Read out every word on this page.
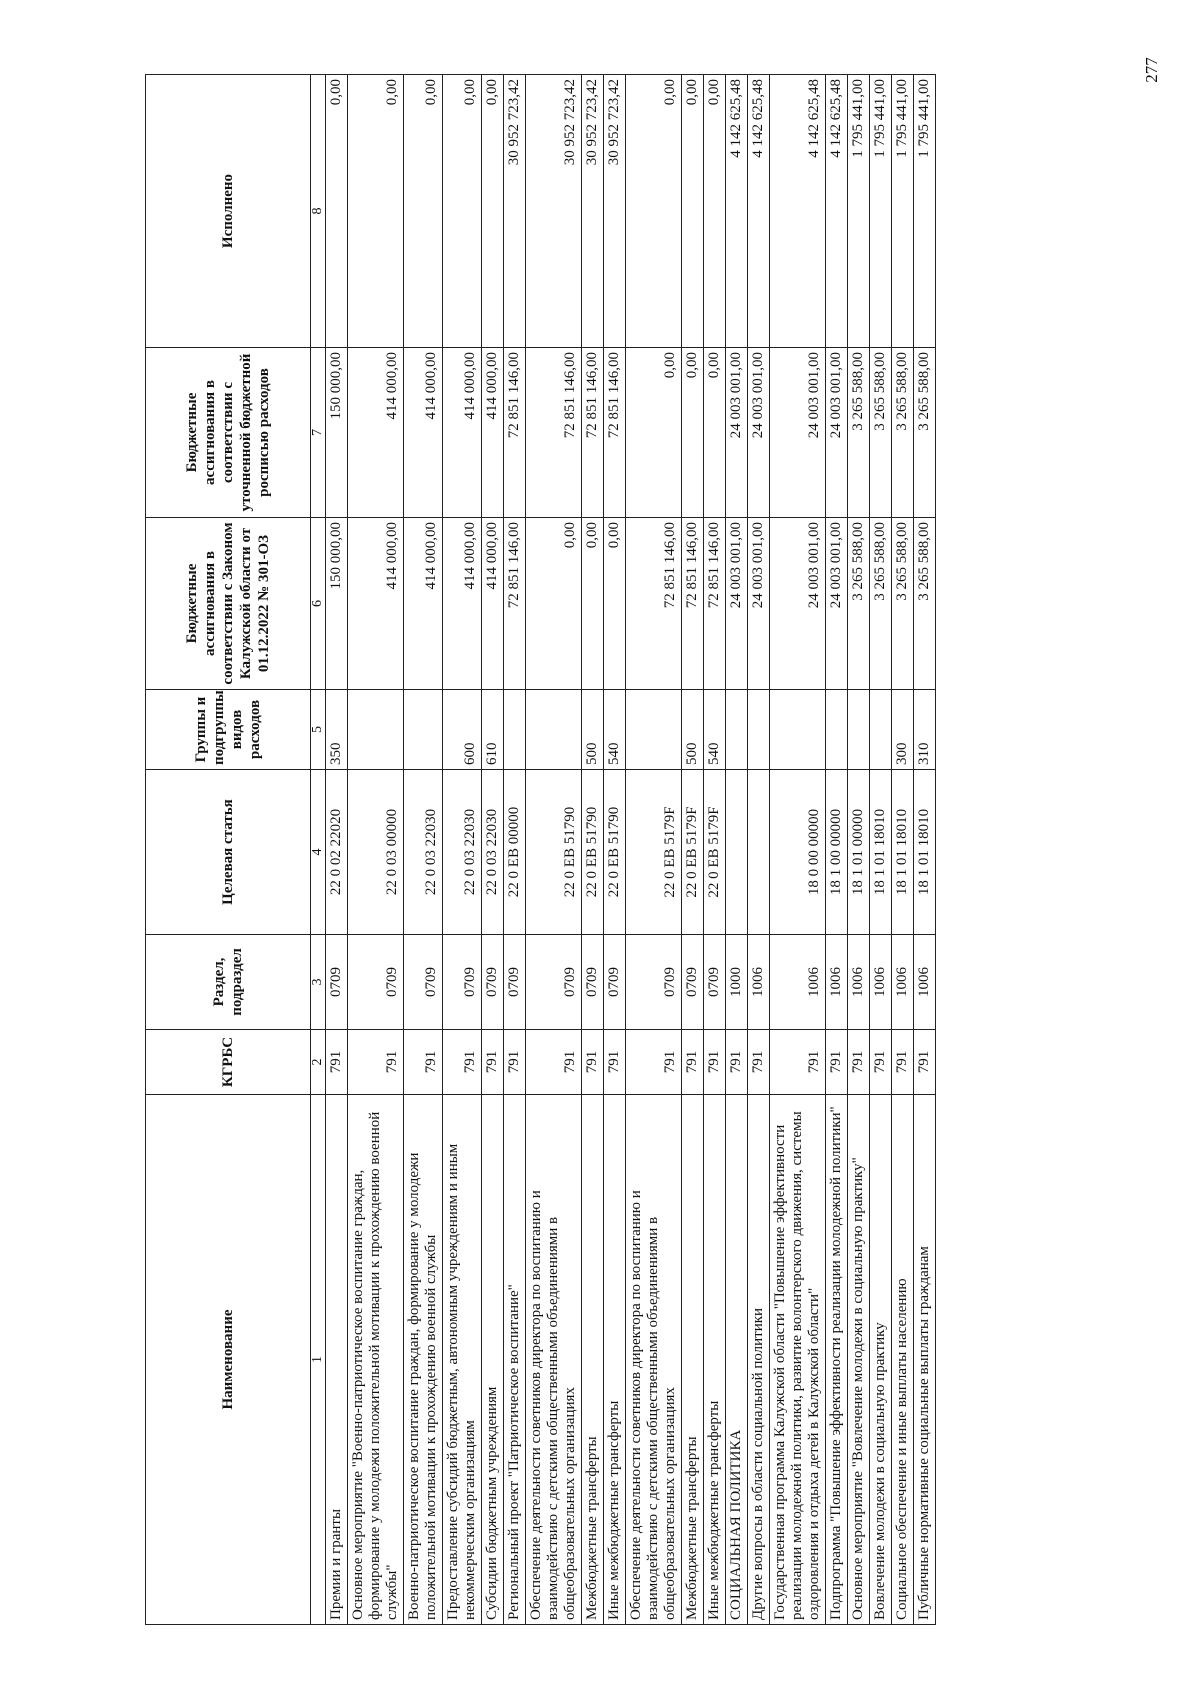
277
Наименование	КГРБС	Раздел, подраздел	Целевая статья	Группы и подгруппы видов расходов	Бюджетные ассигнования в соответствии с Законом Калужской области от 01.12.2022 № 301-ОЗ	Бюджетные ассигнования в соответствии с уточненной бюджетной росписью расходов	Исполнено
1	2	3	4	5	6	7	8
Премии и гранты	791	0709	22 0 02 22020	350	150 000,00	150 000,00	0,00
Основное мероприятие "Военно-патриотическое воспитание граждан, формирование у молодежи положительной мотивации к прохождению военной службы"	791	0709	22 0 03 00000		414 000,00	414 000,00	0,00
Военно-патриотическое воспитание граждан, формирование у молодежи положительной мотивации к прохождению военной службы	791	0709	22 0 03 22030		414 000,00	414 000,00	0,00
Предоставление субсидий бюджетным, автономным учреждениям и иным некоммерческим организациям	791	0709	22 0 03 22030	600	414 000,00	414 000,00	0,00
Субсидии бюджетным учреждениям	791	0709	22 0 03 22030	610	414 000,00	414 000,00	0,00
Региональный проект "Патриотическое воспитание"	791	0709	22 0 ЕВ 00000		72 851 146,00	72 851 146,00	30 952 723,42
Обеспечение деятельности советников директора по воспитанию и взаимодействию с детскими общественными объединениями в общеобразовательных организациях	791	0709	22 0 ЕВ 51790		0,00	72 851 146,00	30 952 723,42
Межбюджетные трансферты	791	0709	22 0 ЕВ 51790	500	0,00	72 851 146,00	30 952 723,42
Иные межбюджетные трансферты	791	0709	22 0 ЕВ 51790	540	0,00	72 851 146,00	30 952 723,42
Обеспечение деятельности советников директора по воспитанию и взаимодействию с детскими общественными объединениями в общеобразовательных организациях	791	0709	22 0 ЕВ 5179F		72 851 146,00	0,00	0,00
Межбюджетные трансферты	791	0709	22 0 ЕВ 5179F	500	72 851 146,00	0,00	0,00
Иные межбюджетные трансферты	791	0709	22 0 ЕВ 5179F	540	72 851 146,00	0,00	0,00
СОЦИАЛЬНАЯ ПОЛИТИКА	791	1000			24 003 001,00	24 003 001,00	4 142 625,48
Другие вопросы в области социальной политики	791	1006			24 003 001,00	24 003 001,00	4 142 625,48
Государственная программа Калужской области "Повышение эффективности реализации молодежной политики, развитие волонтерского движения, системы оздоровления и отдыха детей в Калужской области"	791	1006	18 0 00 00000		24 003 001,00	24 003 001,00	4 142 625,48
Подпрограмма "Повышение эффективности реализации молодежной политики"	791	1006	18 1 00 00000		24 003 001,00	24 003 001,00	4 142 625,48
Основное мероприятие "Вовлечение молодежи в социальную практику"	791	1006	18 1 01 00000		3 265 588,00	3 265 588,00	1 795 441,00
Вовлечение молодежи в социальную практику	791	1006	18 1 01 18010		3 265 588,00	3 265 588,00	1 795 441,00
Социальное обеспечение и иные выплаты населению	791	1006	18 1 01 18010	300	3 265 588,00	3 265 588,00	1 795 441,00
Публичные нормативные социальные выплаты гражданам	791	1006	18 1 01 18010	310	3 265 588,00	3 265 588,00	1 795 441,00
